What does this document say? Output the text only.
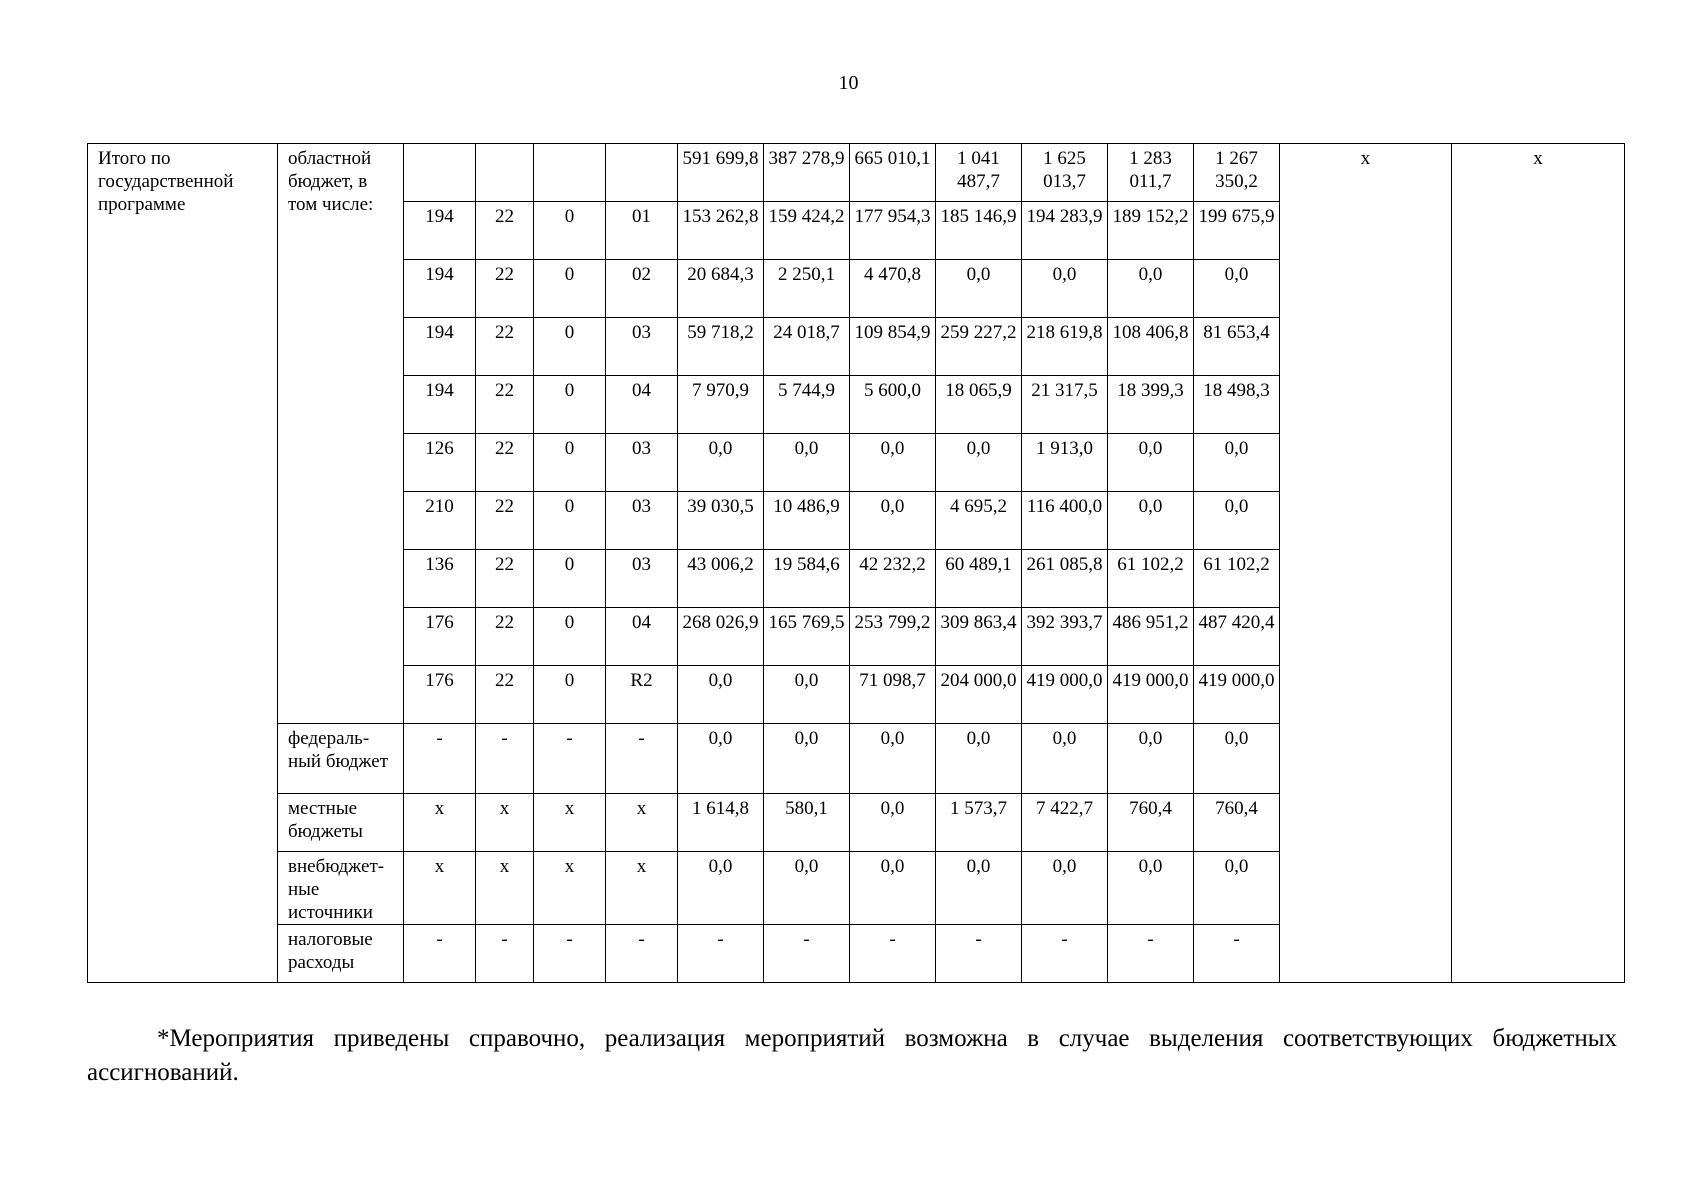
10
Итого по государственной программе	областной бюджет, в том числе:					591 699,8	387 278,9	665 010,1	1 041 487,7	1 625 013,7	1 283 011,7	1 267 350,2	x	x
		194	22	0	01	153 262,8	159 424,2	177 954,3	185 146,9	194 283,9	189 152,2	199 675,9		
		194	22	0	02	20 684,3	2 250,1	4 470,8	0,0	0,0	0,0	0,0		
		194	22	0	03	59 718,2	24 018,7	109 854,9	259 227,2	218 619,8	108 406,8	81 653,4		
		194	22	0	04	7 970,9	5 744,9	5 600,0	18 065,9	21 317,5	18 399,3	18 498,3		
		126	22	0	03	0,0	0,0	0,0	0,0	1 913,0	0,0	0,0		
		210	22	0	03	39 030,5	10 486,9	0,0	4 695,2	116 400,0	0,0	0,0		
		136	22	0	03	43 006,2	19 584,6	42 232,2	60 489,1	261 085,8	61 102,2	61 102,2		
		176	22	0	04	268 026,9	165 769,5	253 799,2	309 863,4	392 393,7	486 951,2	487 420,4		
		176	22	0	R2	0,0	0,0	71 098,7	204 000,0	419 000,0	419 000,0	419 000,0		
	федераль-ный бюджет	-	-	-	-	0,0	0,0	0,0	0,0	0,0	0,0	0,0		
	местные бюджеты	x	x	x	x	1 614,8	580,1	0,0	1 573,7	7 422,7	760,4	760,4		
	внебюджет-ные источники	x	x	x	x	0,0	0,0	0,0	0,0	0,0	0,0	0,0		
	налоговые расходы	-	-	-	-	-	-	-	-	-	-	-		
*Мероприятия приведены справочно, реализация мероприятий возможна в случае выделения соответствующих бюджетных ассигнований.
